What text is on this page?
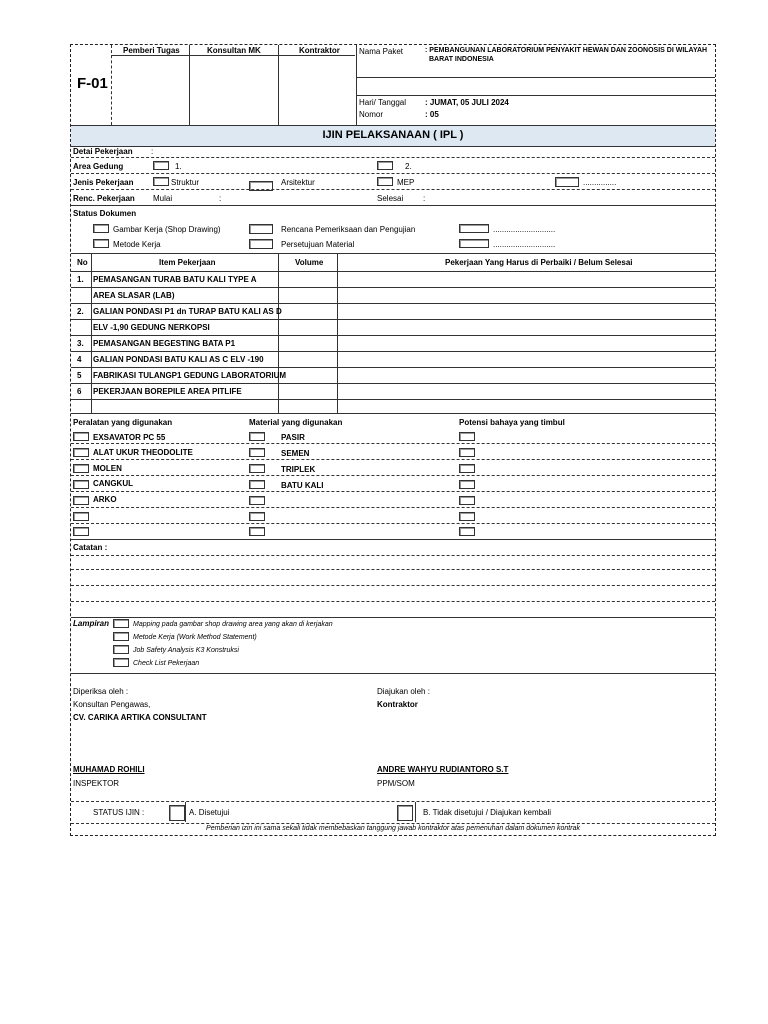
F-01
Pemberi Tugas	Konsultan MK	Kontraktor Nama Paket	: PEMBANGUNAN LABORATORIUM PENYAKIT HEWAN DAN ZOONOSIS DI WILAYAH
BARAT INDONESIA
Hari/ Tanggal : JUMAT, 05 JULI 2024
Nomor	: 05
IJIN PELAKSANAAN ( IPL )
Detai Pekerjaan :
Area Gedung	1.	2.
Jenis Pekerjaan	Struktur	Arsitektur	MEP	...............
Renc. Pekerjaan Mulai	:	Selesai :
Status Dokumen
Gambar Kerja (Shop Drawing)
Metode Kerja
Rencana Pemeriksaan dan Pengujian
Persetujuan Material
............................
............................
No	Item Pekerjaan	Volume	Pekerjaan Yang Harus di Perbaiki / Belum Selesai
1. PEMASANGAN TURAB BATU KALI TYPE A
AREA SLASAR (LAB)
2. GALIAN PONDASI P1 dn TURAP BATU KALI AS D
ELV -1,90 GEDUNG NERKOPSI
3. PEMASANGAN BEGESTING BATA P1
4 GALIAN PONDASI BATU KALI AS C ELV -190
5 FABRIKASI TULANGP1 GEDUNG LABORATORIUM
6 PEKERJAAN BOREPILE AREA PITLIFE
Peralatan yang digunakan	Material yang digunakan	Potensi bahaya yang timbul
EXSAVATOR PC 55	PASIR
ALAT UKUR THEODOLITE	SEMEN
MOLEN	TRIPLEK
CANGKUL	BATU KALI
ARKO
Catatan :
Lampiran	Mapping pada gambar shop drawing area yang akan di kerjakan
Metode Kerja (Work Method Statement)
Job Safety Analysis K3 Konstruksi
Check List Pekerjaan
Diperiksa oleh :
Konsultan Pengawas,
CV. CARIKA ARTIKA CONSULTANT
Diajukan oleh :
Kontraktor
MUHAMAD ROHILI
INSPEKTOR
ANDRE WAHYU RUDIANTORO S.T
PPM/SOM
STATUS IJIN :	A. Disetujui	B. Tidak disetujui / Diajukan kembali
Pemberian izin ini sama sekali tidak membebaskan tanggung jawab kontraktor atas pemenuhan dalam dokumen kontrak
